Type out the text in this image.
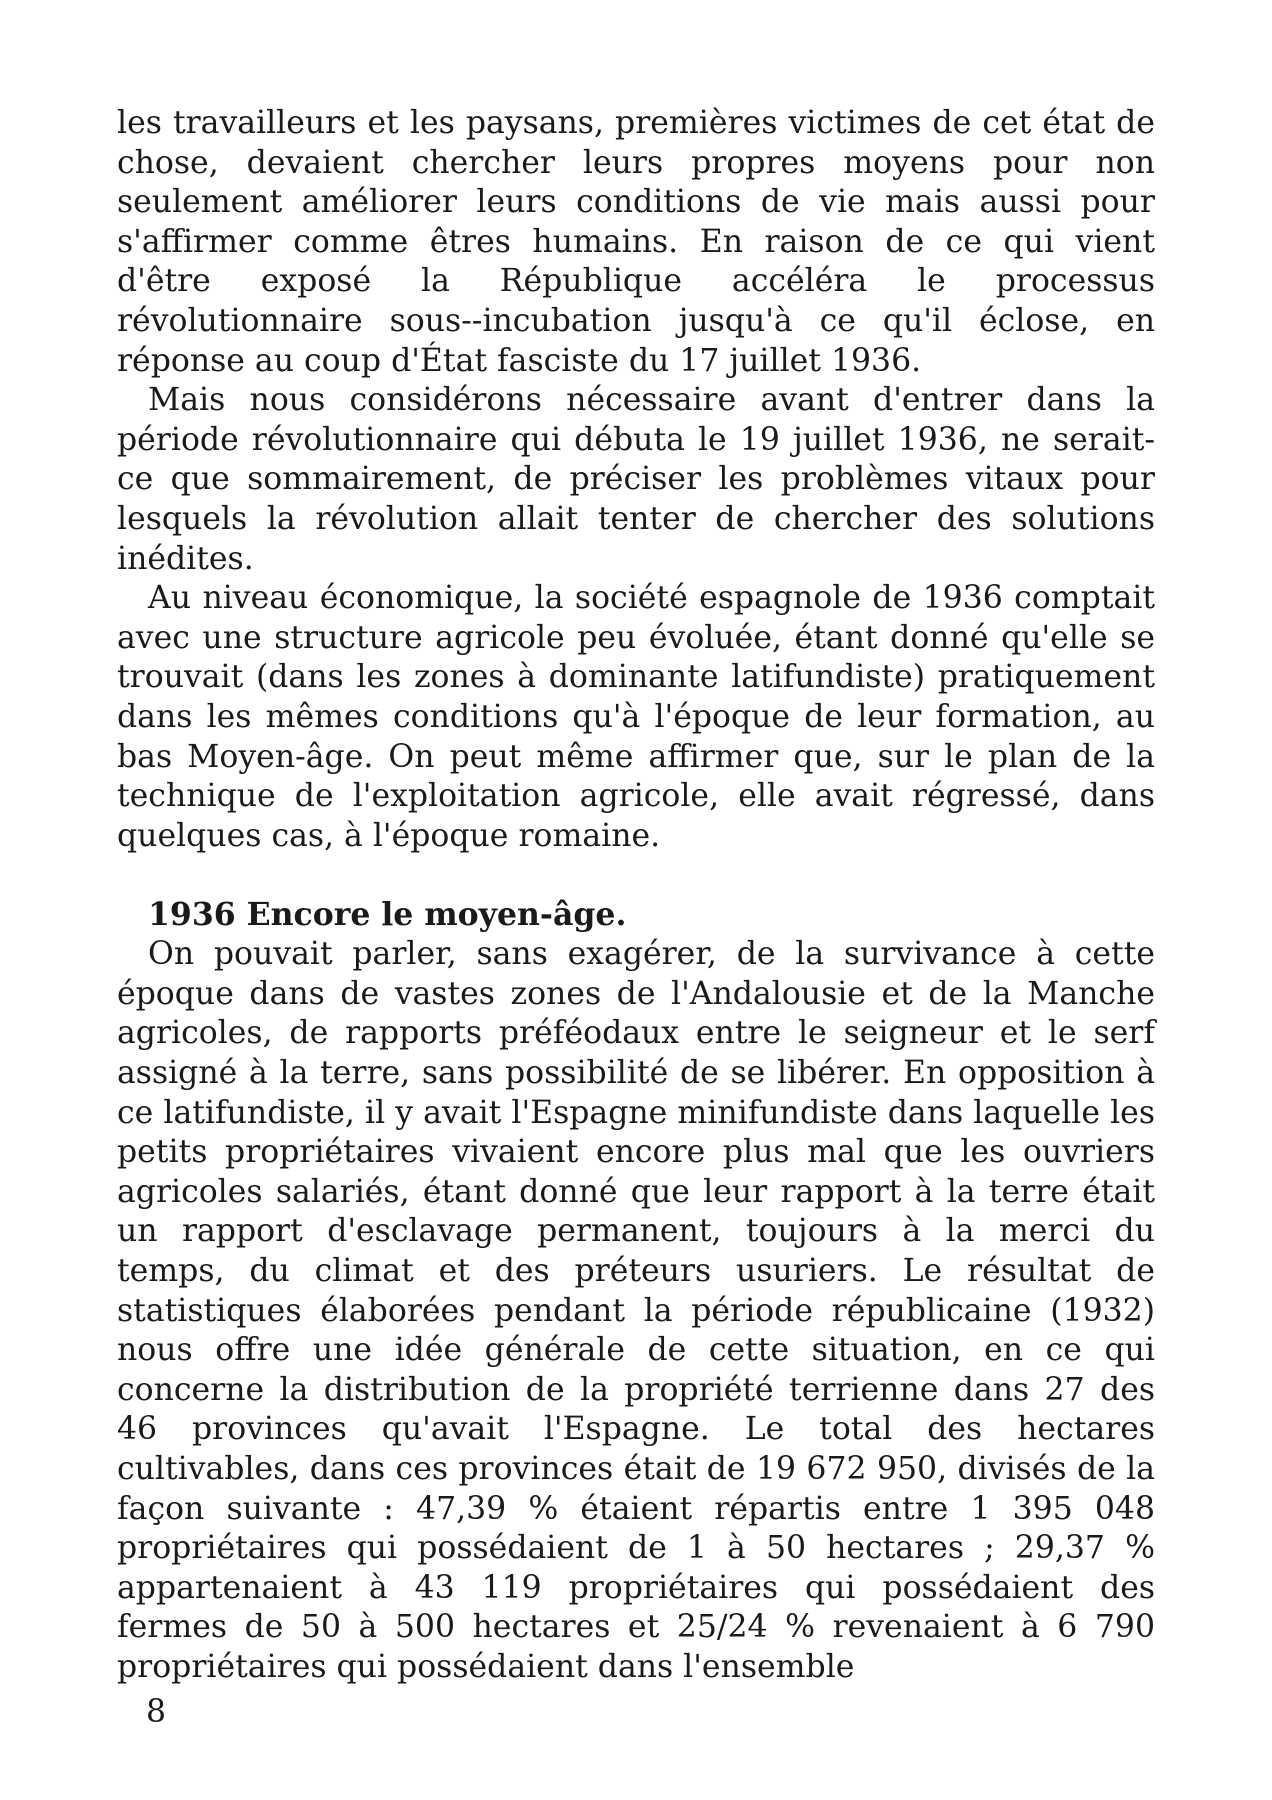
les travailleurs et les paysans, premières victimes de cet état de chose, devaient chercher leurs propres moyens pour non seulement améliorer leurs conditions de vie mais aussi pour s'affirmer comme êtres humains. En raison de ce qui vient d'être exposé la République accéléra le processus révolutionnaire sous--incubation jusqu'à ce qu'il éclose, en réponse au coup d'État fasciste du 17 juillet 1936.

Mais nous considérons nécessaire avant d'entrer dans la période révolutionnaire qui débuta le 19 juillet 1936, ne serait-ce que sommairement, de préciser les problèmes vitaux pour lesquels la révolution allait tenter de chercher des solutions inédites.

Au niveau économique, la société espagnole de 1936 comptait avec une structure agricole peu évoluée, étant donné qu'elle se trouvait (dans les zones à dominante latifundiste) pratiquement dans les mêmes conditions qu'à l'époque de leur formation, au bas Moyen-âge. On peut même affirmer que, sur le plan de la technique de l'exploitation agricole, elle avait régressé, dans quelques cas, à l'époque romaine.

1936 Encore le moyen-âge.

On pouvait parler, sans exagérer, de la survivance à cette époque dans de vastes zones de l'Andalousie et de la Manche agricoles, de rapports préféodaux entre le seigneur et le serf assigné à la terre, sans possibilité de se libérer. En opposition à ce latifundiste, il y avait l'Espagne minifundiste dans laquelle les petits propriétaires vivaient encore plus mal que les ouvriers agricoles salariés, étant donné que leur rapport à la terre était un rapport d'esclavage permanent, toujours à la merci du temps, du climat et des préteurs usuriers. Le résultat de statistiques élaborées pendant la période républicaine (1932) nous offre une idée générale de cette situation, en ce qui concerne la distribution de la propriété terrienne dans 27 des 46 provinces qu'avait l'Espagne. Le total des hectares cultivables, dans ces provinces était de 19 672 950, divisés de la façon suivante : 47,39 % étaient répartis entre 1 395 048 propriétaires qui possédaient de 1 à 50 hectares ; 29,37 % appartenaient à 43 119 propriétaires qui possédaient des fermes de 50 à 500 hectares et 25/24 % revenaient à 6 790 propriétaires qui possédaient dans l'ensemble

8
